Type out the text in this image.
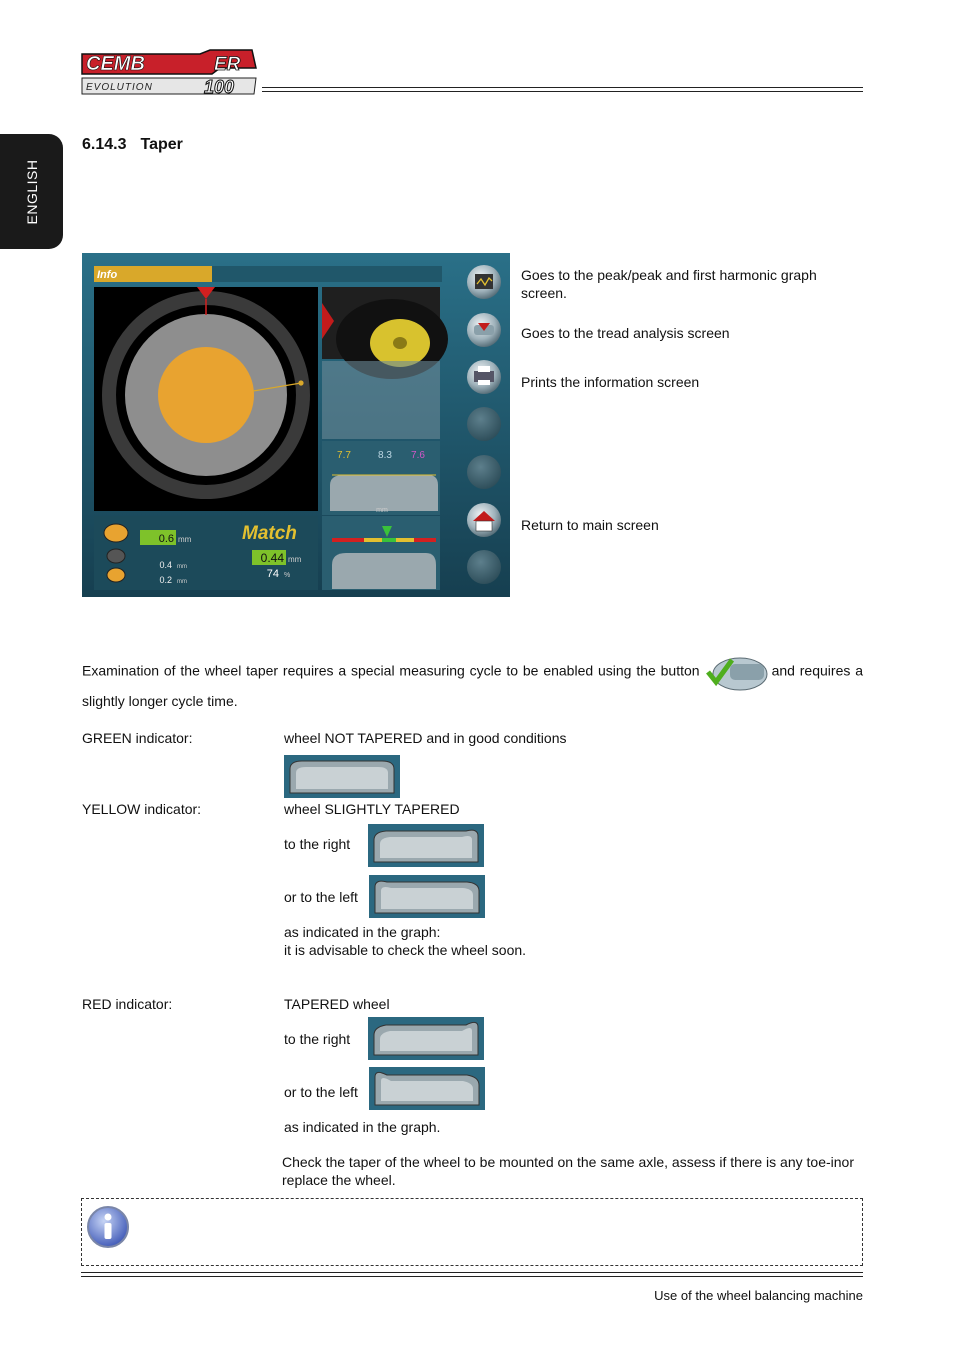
CEMB	ER
EVOLUTION	100
ENGLISH
6.14.3 Taper
Info
7.7	8.3 7.6
mm
0.6 mm
0.4 mm
0.2 mm
Match
0.44 mm
74 %
Goes to the peak/peak and first harmonic graph screen.
Goes to the tread analysis screen
Prints the information screen
Return to main screen
Examination of the wheel taper requires a special measuring cycle to be enabled using the button	and requires a slightly longer cycle time.
GREEN indicator:	wheel NOT TAPERED and in good conditions
YELLOW indicator:	wheel SLIGHTLY TAPERED
to the right
or to the left
as indicated in the graph:
it is advisable to check the wheel soon.
RED indicator:	TAPERED wheel
to the right
or to the left
as indicated in the graph.
Check the taper of the wheel to be mounted on the same axle, assess if there is any toe-inor replace the wheel.
Use of the wheel balancing machine
